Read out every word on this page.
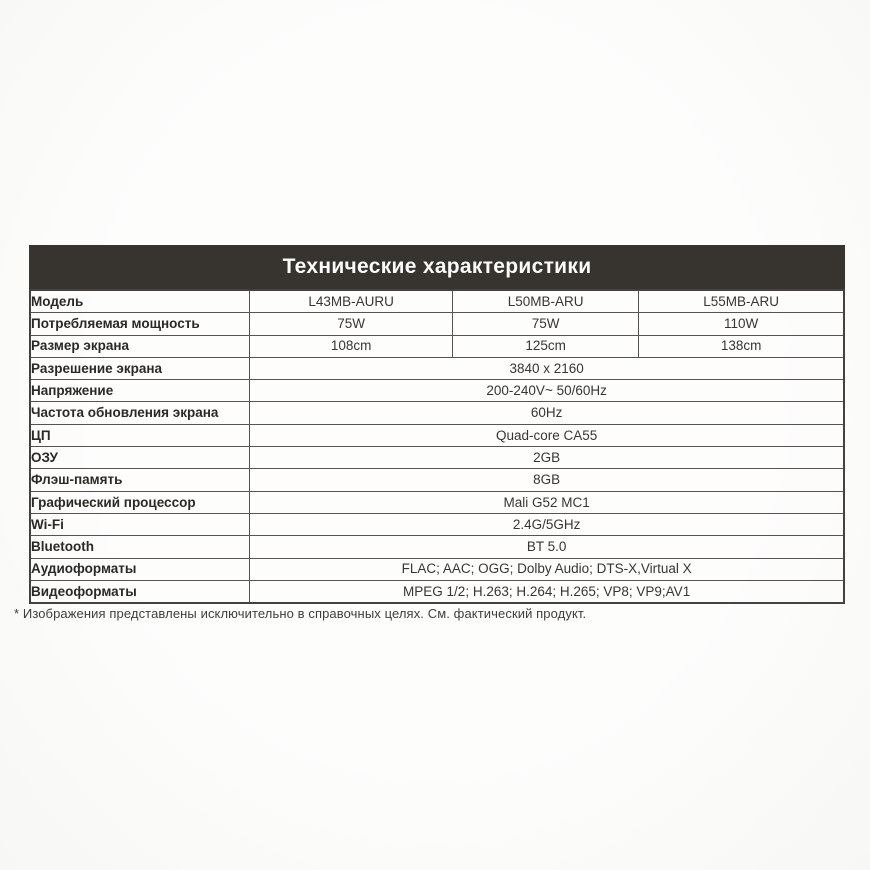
Технические характеристики
Модель	L43MB-AURU	L50MB-ARU	L55MB-ARU
Потребляемая мощность	75W	75W	110W
Размер экрана	108cm	125cm	138cm
Разрешение экрана	3840 x 2160		
Напряжение	200-240V~ 50/60Hz		
Частота обновления экрана	60Hz		
ЦП	Quad-core CA55		
ОЗУ	2GB		
Флэш-память	8GB		
Графический процессор	Mali G52 MC1		
Wi-Fi	2.4G/5GHz		
Bluetooth	BT 5.0		
Аудиоформаты	FLAC; AAC; OGG; Dolby Audio; DTS-X,Virtual X		
Видеоформаты	MPEG 1/2; H.263; H.264; H.265; VP8; VP9;AV1		
* Изображения представлены исключительно в справочных целях. См. фактический продукт.
